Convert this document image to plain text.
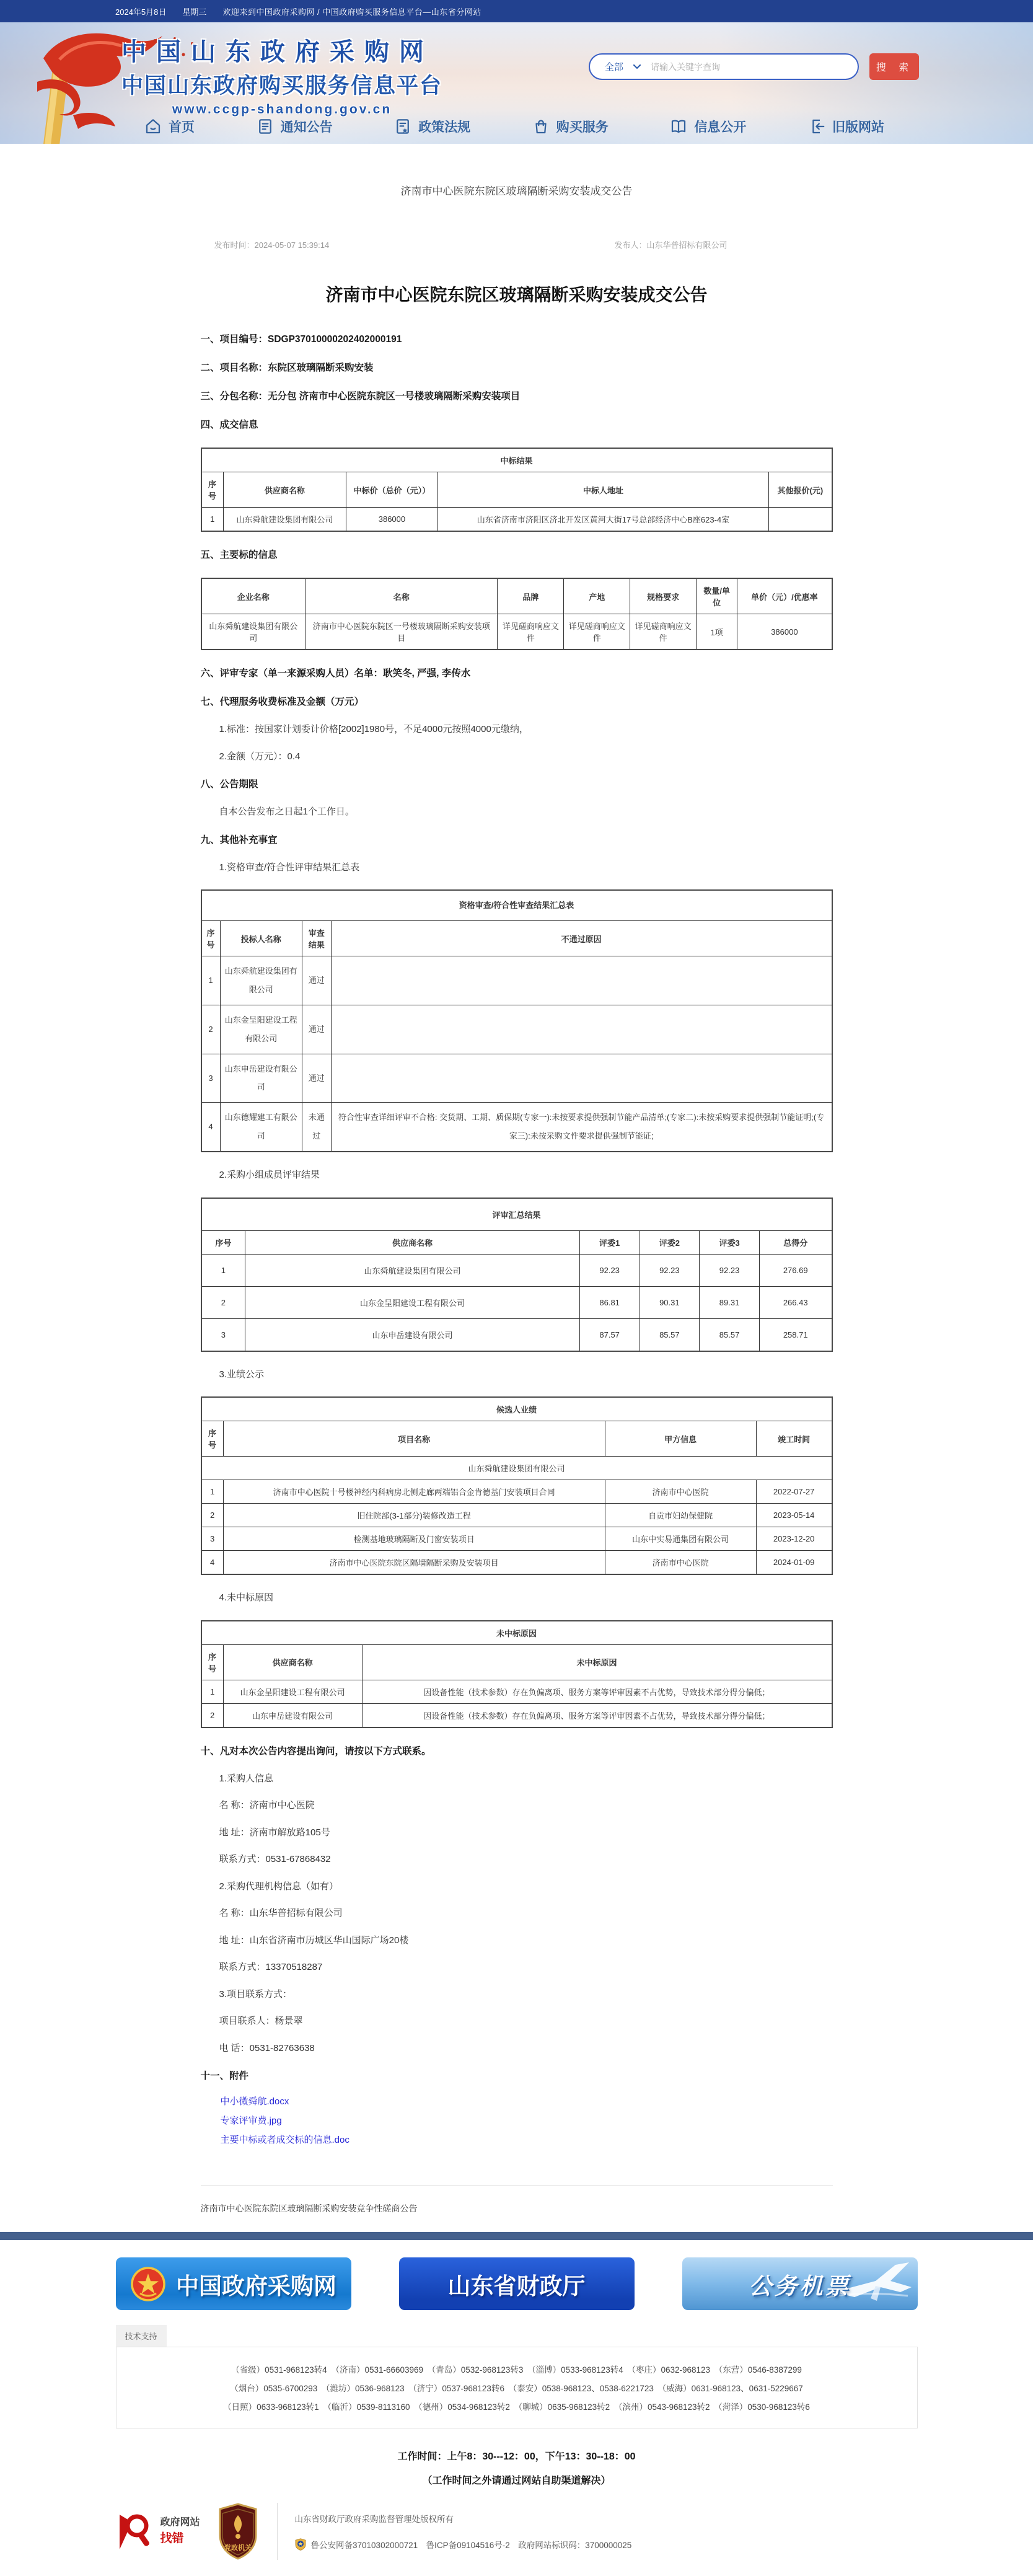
2024年5月8日 星期三 欢迎来到中国政府采购网 / 中国政府购买服务信息平台—山东省分网站
中国山东政府采购网
中国山东政府购买服务信息平台
www.ccgp-shandong.gov.cn
全部
请输入关键字查询	搜 索
首页	通知公告	政策法规	购买服务	信息公开	旧版网站
济南市中心医院东院区玻璃隔断采购安装成交公告
发布时间：2024-05-07 15:39:14	发布人：山东华普招标有限公司
济南市中心医院东院区玻璃隔断采购安装成交公告
一、项目编号：SDGP37010000202402000191
二、项目名称：东院区玻璃隔断采购安装
三、分包名称：无分包 济南市中心医院东院区一号楼玻璃隔断采购安装项目
四、成交信息
中标结果				
序号	供应商名称	中标价（总价（元））	中标人地址	其他报价(元)
1	山东舜航建设集团有限公司	386000	山东省济南市济阳区济北开发区黄河大街17号总部经济中心B座623-4室	
五、主要标的信息
企业名称	名称	品牌	产地	规格要求	数量/单位	单价（元）/优惠率
山东舜航建设集团有限公司	济南市中心医院东院区一号楼玻璃隔断采购安装项目	详见磋商响应文件	详见磋商响应文件	详见磋商响应文件	1项	386000
六、评审专家（单一来源采购人员）名单：耿笑冬, 严强, 李传水
七、代理服务收费标准及金额（万元）
1.标准：按国家计划委计价格[2002]1980号，不足4000元按照4000元缴纳，
2.金额（万元）：0.4
八、公告期限
自本公告发布之日起1个工作日。
九、其他补充事宜
1.资格审查/符合性评审结果汇总表
资格审查/符合性审查结果汇总表			
序号	投标人名称	审查结果	不通过原因
1	山东舜航建设集团有限公司	通过	
2	山东金呈阳建设工程有限公司	通过	
3	山东申岳建设有限公司	通过	
4	山东德耀建工有限公司	未通过	符合性审查详细评审不合格: 交货期、工期、质保期(专家一):未按要求提供强制节能产品清单;(专家二):未按采购要求提供强制节能证明;(专家三):未按采购文件要求提供强制节能证;
2.采购小组成员评审结果
评审汇总结果					
序号	供应商名称	评委1	评委2	评委3	总得分
1	山东舜航建设集团有限公司	92.23	92.23	92.23	276.69
2	山东金呈阳建设工程有限公司	86.81	90.31	89.31	266.43
3	山东申岳建设有限公司	87.57	85.57	85.57	258.71
3.业绩公示
候选人业绩			
序号	项目名称	甲方信息	竣工时间
山东舜航建设集团有限公司			
1	济南市中心医院十号楼神经内科病房北侧走廊两端铝合金肯德基门安装项目合同	济南市中心医院	2022-07-27
2	旧住院部(3-1部分)装修改造工程	自贡市妇幼保健院	2023-05-14
3	检测基地玻璃隔断及门窗安装项目	山东中实易通集团有限公司	2023-12-20
4	济南市中心医院东院区隔墙隔断采购及安装项目	济南市中心医院	2024-01-09
4.未中标原因
未中标原因		
序号	供应商名称	未中标原因
1	山东金呈阳建设工程有限公司	因设备性能（技术参数）存在负偏离项、服务方案等评审因素不占优势，导致技术部分得分偏低；
2	山东申岳建设有限公司	因设备性能（技术参数）存在负偏离项、服务方案等评审因素不占优势，导致技术部分得分偏低；
十、凡对本次公告内容提出询问，请按以下方式联系。
1.采购人信息
名 称：济南市中心医院
地 址：济南市解放路105号
联系方式：0531-67868432
2.采购代理机构信息（如有）
名 称：山东华普招标有限公司
地 址：山东省济南市历城区华山国际广场20楼
联系方式：13370518287
3.项目联系方式：
项目联系人：杨景翠
电 话：0531-82763638
十一、附件
中小微舜航.docx
专家评审费.jpg
主要中标或者成交标的信息.doc
济南市中心医院东院区玻璃隔断采购安装竞争性磋商公告
中国政府采购网	山东省财政厅	公务机票
技术支持
（省级）0531-968123转4　（济南）0531-66603969　（青岛）0532-968123转3　（淄博）0533-968123转4　（枣庄）0632-968123　（东营）0546-8387299
（烟台）0535-6700293　（潍坊）0536-968123　（济宁）0537-968123转6　（泰安）0538-968123、0538-6221723　（威海）0631-968123、0631-5229667
（日照）0633-968123转1　（临沂）0539-8113160　（德州）0534-968123转2　（聊城）0635-968123转2　（滨州）0543-968123转2　（菏泽）0530-968123转6
工作时间：上午8：30---12：00，下午13：30--18：00
（工作时间之外请通过网站自助渠道解决）
政府网站
找错
党政机关
山东省财政厅政府采购监督管理处版权所有
鲁公安网备37010302000721　鲁ICP备09104516号-2　政府网站标识码：3700000025
